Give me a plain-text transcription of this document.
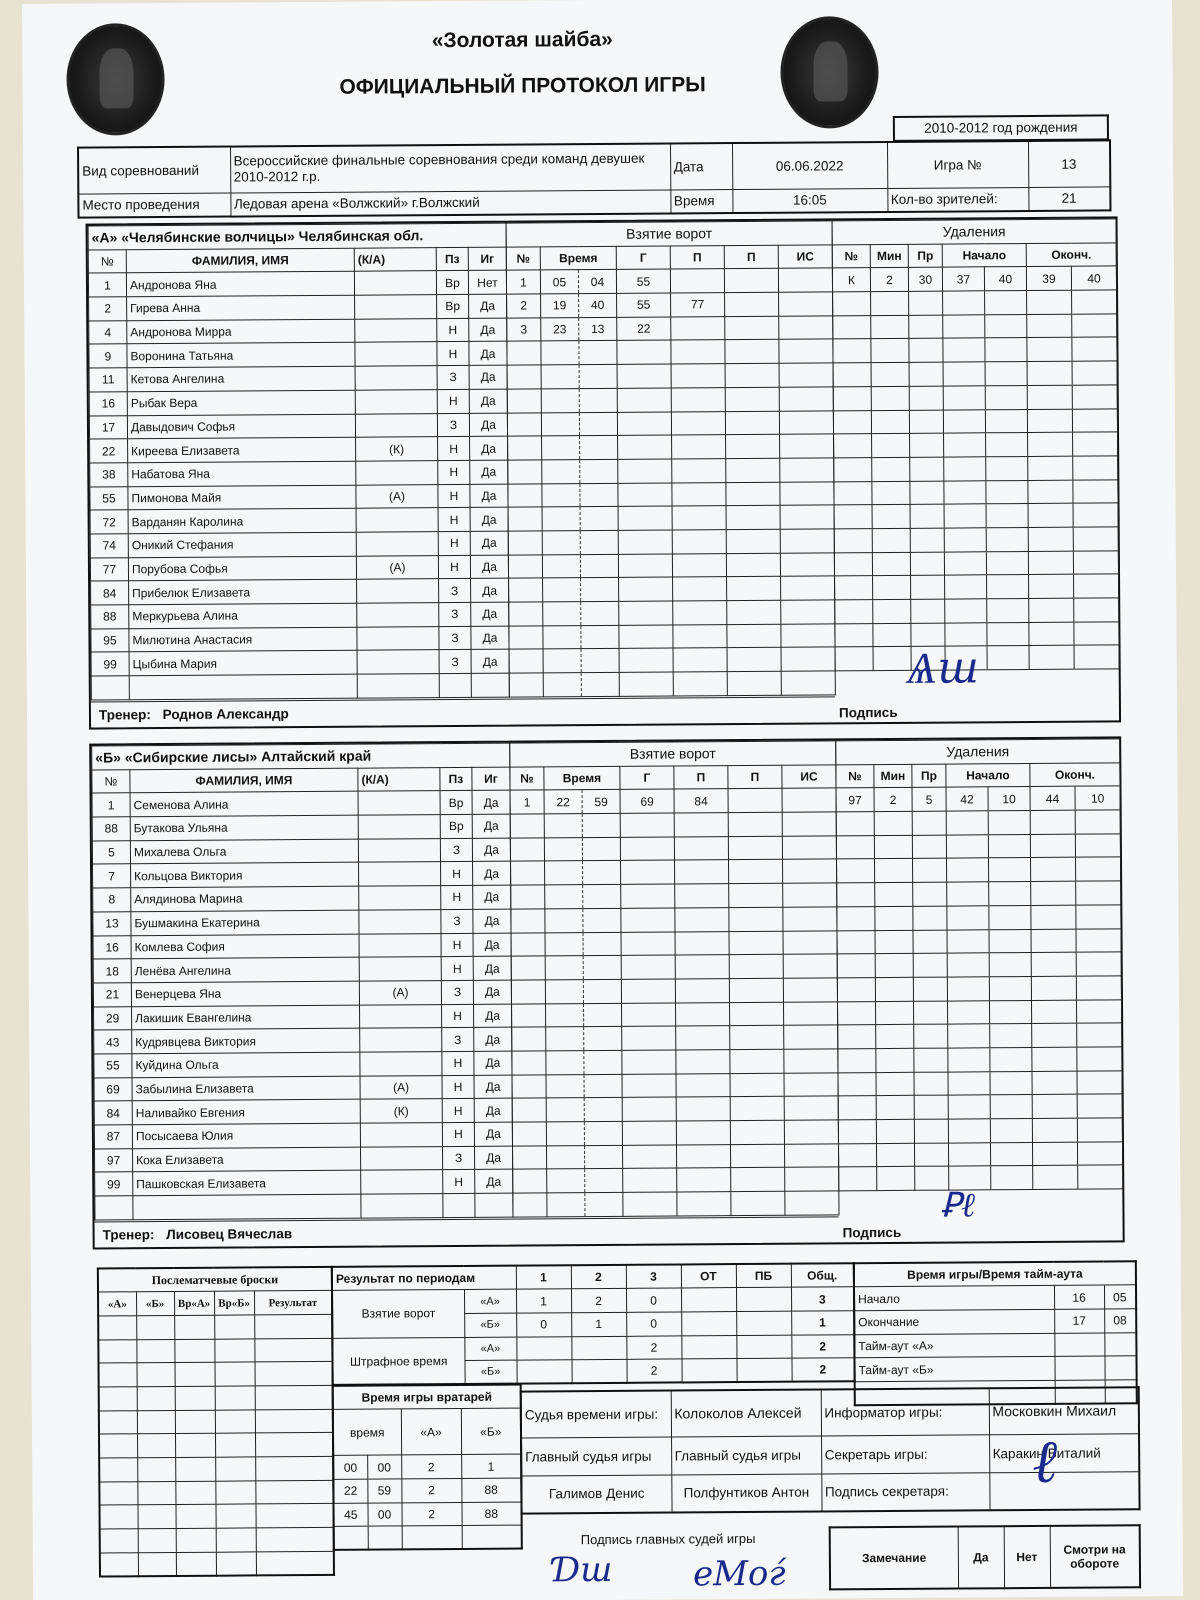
«Золотая шайба»
ОФИЦИАЛЬНЫЙ ПРОТОКОЛ ИГРЫ
2010-2012 год рождения
Вид соревнований	Всероссийские финальные соревнования среди команд девушек 2010-2012 г.р.	Дата	06.06.2022	Игра №	13
Место проведения	Ледовая арена «Волжский» г.Волжский	Время	16:05	Кол-во зрителей:	21
«А» «Челябинские волчицы» Челябинская обл.				
№	ФАМИЛИЯ, ИМЯ	(К/А)	Пз	Иг
1	Андронова Яна		Вр	Нет
2	Гирева Анна		Вр	Да
4	Андронова Мирра		Н	Да
9	Воронина Татьяна		Н	Да
11	Кетова Ангелина		З	Да
16	Рыбак Вера		Н	Да
17	Давыдович Софья		З	Да
22	Киреева Елизавета	(К)	Н	Да
38	Набатова Яна		Н	Да
55	Пимонова Майя	(А)	Н	Да
72	Варданян Каролина		Н	Да
74	Оникий Стефания		Н	Да
77	Порубова Софья	(А)	Н	Да
84	Прибелюк Елизавета		З	Да
88	Меркурьева Алина		З	Да
95	Милютина Анастасия		З	Да
99	Цыбина Мария		З	Да

Взятие ворот						
№	Время		Г	П	П	ИС
1	05	04	55			
2	19	40	55	77		
3	23	13	22			

Удаления						
№	Мин	Пр	Начало		Оконч.	
К	2	30	37	40	39	40

Тренер: Роднов Александр	Подпись
«Б» «Сибирские лисы» Алтайский край				
№	ФАМИЛИЯ, ИМЯ	(К/А)	Пз	Иг
1	Семенова Алина		Вр	Да
88	Бутакова Ульяна		Вр	Да
5	Михалева Ольга		З	Да
7	Кольцова Виктория		Н	Да
8	Алядинова Марина		Н	Да
13	Бушмакина Екатерина		З	Да
16	Комлева София		Н	Да
18	Ленёва Ангелина		Н	Да
21	Венерцева Яна	(А)	З	Да
29	Лакишик Евангелина		Н	Да
43	Кудрявцева Виктория		З	Да
55	Куйдина Ольга		Н	Да
69	Забылина Елизавета	(А)	Н	Да
84	Наливайко Евгения	(К)	Н	Да
87	Посысаева Юлия		Н	Да
97	Кока Елизавета		З	Да
99	Пашковская Елизавета		Н	Да

Взятие ворот						
№	Время		Г	П	П	ИС
1	22	59	69	84		

Удаления						
№	Мин	Пр	Начало		Оконч.	
97	2	5	42	10	44	10

Тренер: Лисовец Вячеслав	Подпись
Послематчевые броски				
«А»	«Б»	Вр«А»	Вр«Б»	Результат

Результат по периодам		1	2	3	ОТ	ПБ	Общ.
Взятие ворот	«А»	1	2	0			3
	«Б»	0	1	0			1
Штрафное время	«А»			2			2
	«Б»			2			2
Время игры/Время тайм-аута		
Начало	16	05
Окончание	17	08
Тайм-аут «А»		
Тайм-аут «Б»		

Время игры вратарей			
время		«А»	«Б»
00	00	2	1
22	59	2	88
45	00	2	88

Судья времени игры:	Колоколов Алексей	Информатор игры:	Московкин Михаил
Главный судья игры	Главный судья игры	Секретарь игры:	Каракин Виталий
Галимов Денис	Полфунтиков Антон	Подпись секретаря:	
Подпись главных судей игры
Замечание	Да	Нет	Смотри на обороте
Ѧш
Ꝑℓ
Ɗш eМоѓ
ℓ
